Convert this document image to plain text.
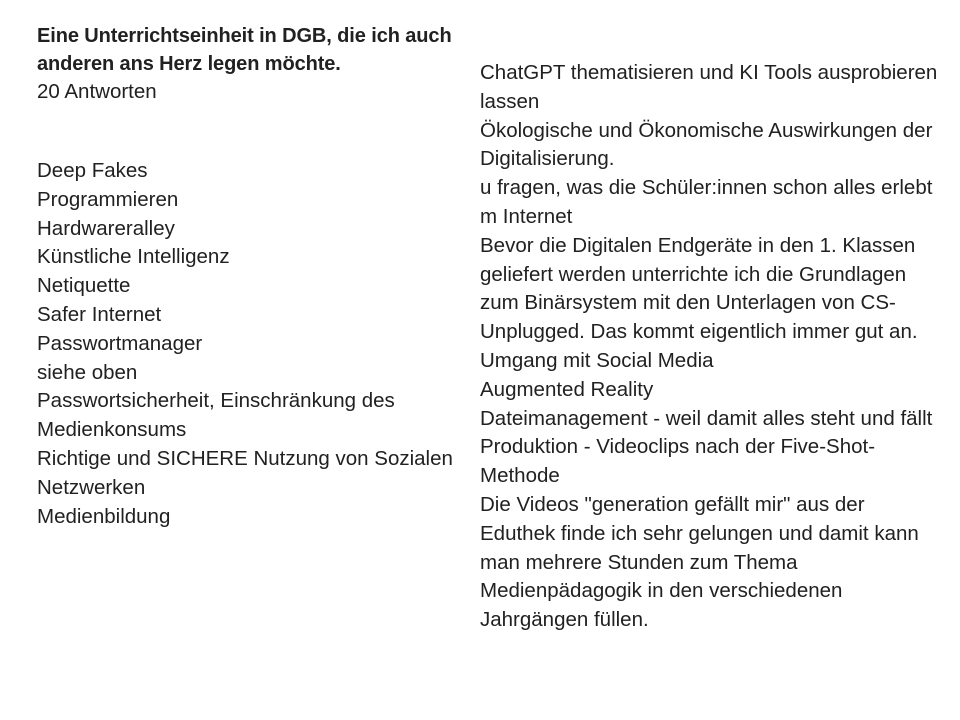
Eine Unterrichtseinheit in DGB, die ich auch anderen ans Herz legen möchte.

20 Antworten

Deep Fakes
Programmieren
Hardwareralley
Künstliche Intelligenz
Netiquette
Safer Internet
Passwortmanager
siehe oben
Passwortsicherheit, Einschränkung des Medienkonsums
Richtige und SICHERE Nutzung von Sozialen Netzwerken
Medienbildung
ChatGPT thematisieren und KI Tools ausprobieren lassen
Ökologische und Ökonomische Auswirkungen der Digitalisierung.
u fragen, was die Schüler:innen schon alles erlebt m Internet
Bevor die Digitalen Endgeräte in den 1. Klassen geliefert werden unterrichte ich die Grundlagen zum Binärsystem mit den Unterlagen von CS-Unplugged. Das kommt eigentlich immer gut an.
Umgang mit Social Media
Augmented Reality
Dateimanagement - weil damit alles steht und fällt
Produktion - Videoclips nach der Five-Shot-Methode
Die Videos "generation gefällt mir" aus der Eduthek finde ich sehr gelungen und damit kann man mehrere Stunden zum Thema Medienpädagogik in den verschiedenen Jahrgängen füllen.
